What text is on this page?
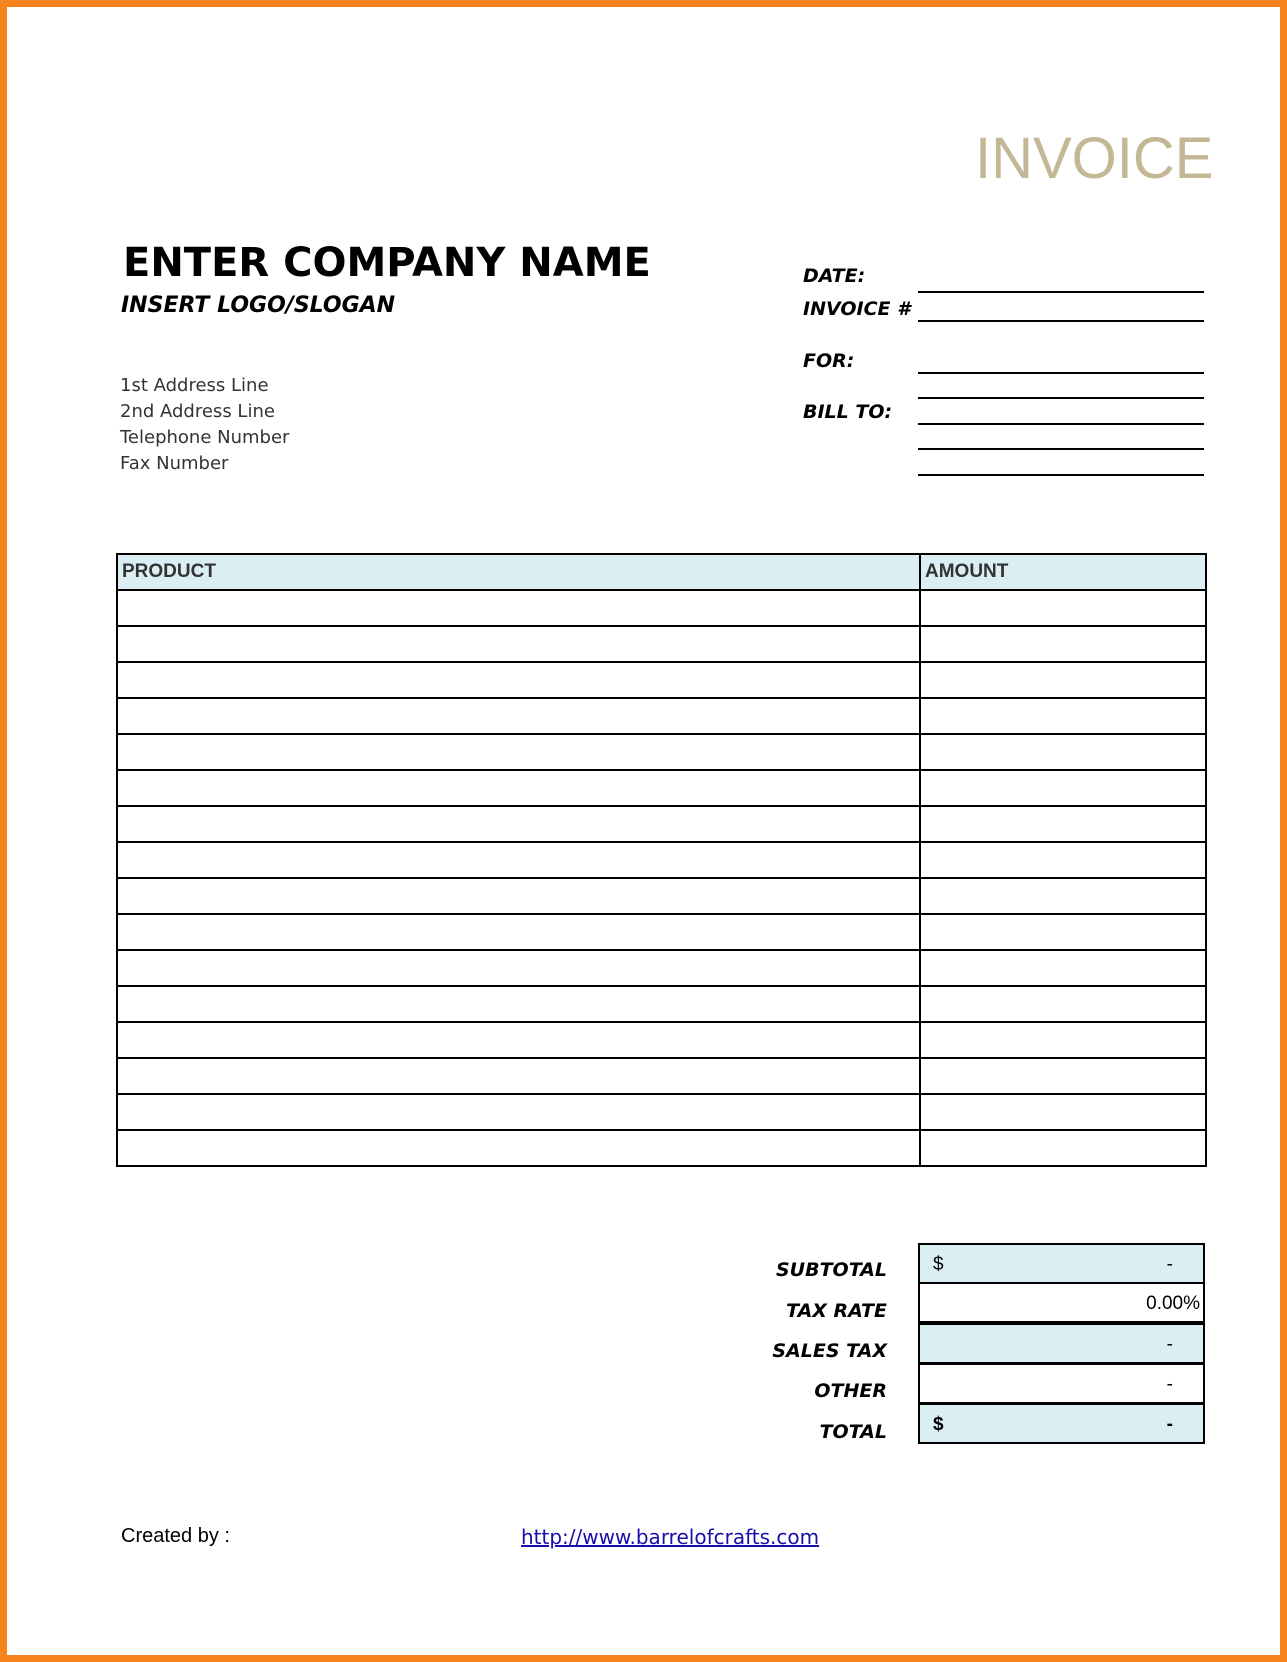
INVOICE
ENTER COMPANY NAME
INSERT LOGO/SLOGAN
1st Address Line
2nd Address Line
Telephone Number
Fax Number
DATE:
INVOICE #
FOR:
BILL TO:
PRODUCT	AMOUNT

SUBTOTAL $	-
TAX RATE	0.00%
SALES TAX	-
OTHER	-
TOTAL $	-
Created by :	http://www.barrelofcrafts.com
